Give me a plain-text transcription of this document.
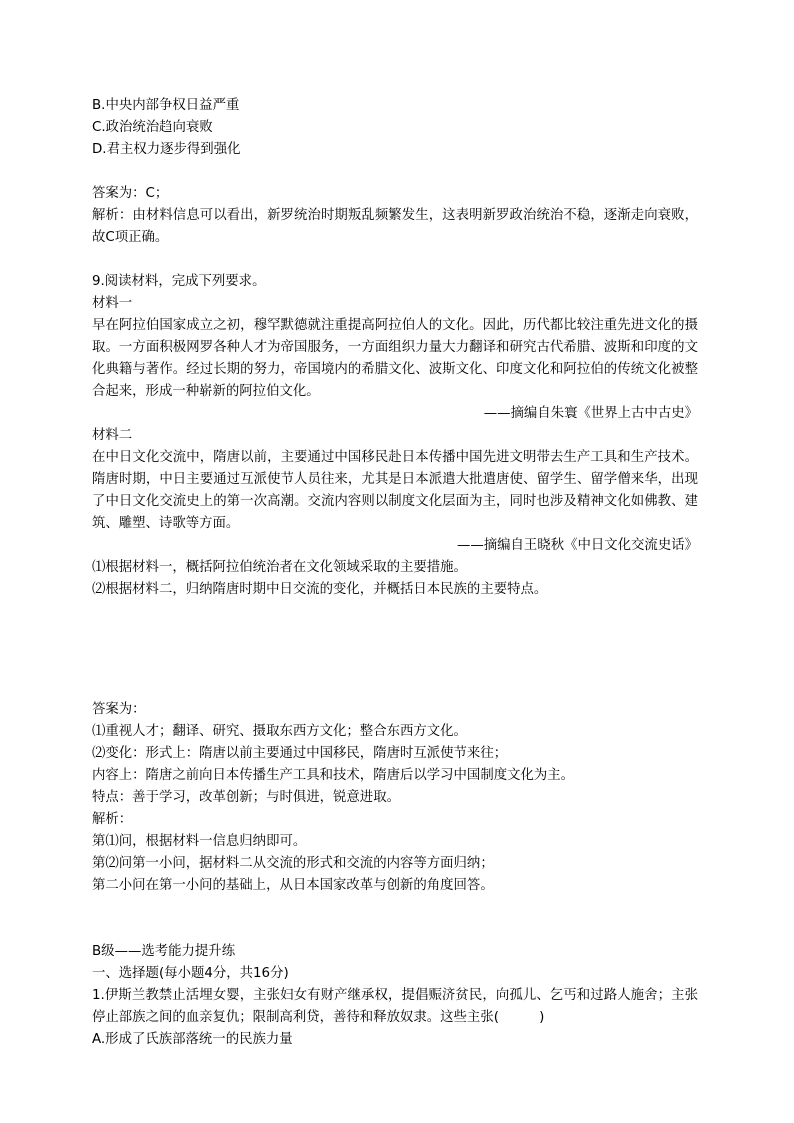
B.中央内部争权日益严重
C.政治统治趋向衰败
D.君主权力逐步得到强化
答案为：C；
解析：由材料信息可以看出，新罗统治时期叛乱频繁发生，这表明新罗政治统治不稳，逐渐走向衰败，故C项正确。
9.阅读材料，完成下列要求。
材料一
早在阿拉伯国家成立之初，穆罕默德就注重提高阿拉伯人的文化。因此，历代都比较注重先进文化的摄取。一方面积极网罗各种人才为帝国服务，一方面组织力量大力翻译和研究古代希腊、波斯和印度的文化典籍与著作。经过长期的努力，帝国境内的希腊文化、波斯文化、印度文化和阿拉伯的传统文化被整合起来，形成一种崭新的阿拉伯文化。
——摘编自朱寰《世界上古中古史》
材料二
在中日文化交流中，隋唐以前，主要通过中国移民赴日本传播中国先进文明带去生产工具和生产技术。隋唐时期，中日主要通过互派使节人员往来，尤其是日本派遣大批遣唐使、留学生、留学僧来华，出现了中日文化交流史上的第一次高潮。交流内容则以制度文化层面为主，同时也涉及精神文化如佛教、建筑、雕塑、诗歌等方面。
——摘编自王晓秋《中日文化交流史话》
⑴根据材料一，概括阿拉伯统治者在文化领域采取的主要措施。
⑵根据材料二，归纳隋唐时期中日交流的变化，并概括日本民族的主要特点。
答案为：
⑴重视人才；翻译、研究、摄取东西方文化；整合东西方文化。
⑵变化：形式上：隋唐以前主要通过中国移民，隋唐时互派使节来往；
内容上：隋唐之前向日本传播生产工具和技术，隋唐后以学习中国制度文化为主。
特点：善于学习，改革创新；与时俱进，锐意进取。
解析：
第⑴问，根据材料一信息归纳即可。
第⑵问第一小问，据材料二从交流的形式和交流的内容等方面归纳；
第二小问在第一小问的基础上，从日本国家改革与创新的角度回答。
B级——选考能力提升练
一、选择题(每小题4分，共16分)
1.伊斯兰教禁止活埋女婴，主张妇女有财产继承权，提倡赈济贫民，向孤儿、乞丐和过路人施舍；主张停止部族之间的血亲复仇；限制高利贷，善待和释放奴隶。这些主张(　　　)
A.形成了氏族部落统一的民族力量
